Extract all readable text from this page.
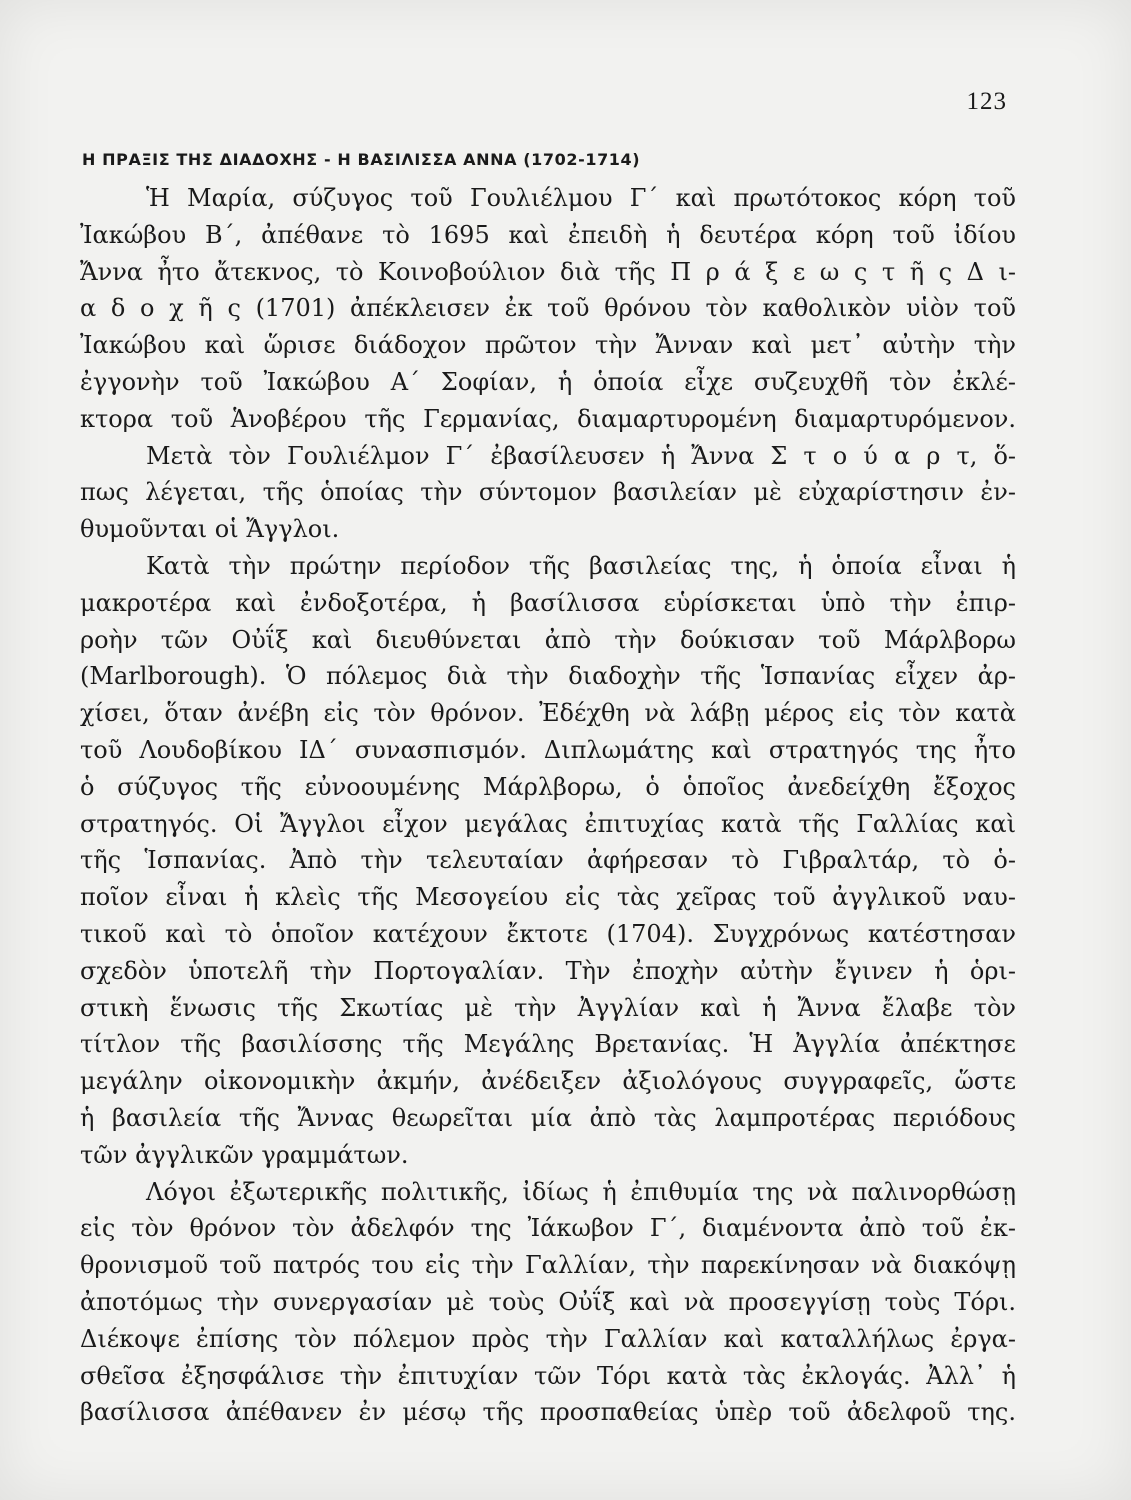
123
Η ΠΡΑΞΙΣ ΤΗΣ ΔΙΑΔΟΧΗΣ - Η ΒΑΣΙΛΙΣΣΑ ΑΝΝΑ (1702-1714)

Ἡ Μαρία, σύζυγος τοῦ Γουλιέλμου Γ΄ καὶ πρωτότοκος κόρη τοῦ
Ἰακώβου Β΄, ἀπέθανε τὸ 1695 καὶ ἐπειδὴ ἡ δευτέρα κόρη τοῦ ἰδίου
Ἄννα ἦτο ἄτεκνος, τὸ Κοινοβούλιον διὰ τῆς Π ρ ά ξ ε ω ς τ ῆ ς Δ ι-
α δ ο χ ῆ ς (1701) ἀπέκλεισεν ἐκ τοῦ θρόνου τὸν καθολικὸν υἱὸν τοῦ
Ἰακώβου καὶ ὥρισε διάδοχον πρῶτον τὴν Ἄνναν καὶ μετ᾽ αὐτὴν τὴν
ἐγγονὴν τοῦ Ἰακώβου Α΄ Σοφίαν, ἡ ὁποία εἶχε συζευχθῆ τὸν ἐκλέ-
κτορα τοῦ Ἁνοβέρου τῆς Γερμανίας, διαμαρτυρομένη διαμαρτυρόμενον.

Μετὰ τὸν Γουλιέλμον Γ΄ ἐβασίλευσεν ἡ Ἄννα Σ τ ο ύ α ρ τ, ὅ-
πως λέγεται, τῆς ὁποίας τὴν σύντομον βασιλείαν μὲ εὐχαρίστησιν ἐν-
θυμοῦνται οἱ Ἄγγλοι.

Κατὰ τὴν πρώτην περίοδον τῆς βασιλείας της, ἡ ὁποία εἶναι ἡ
μακροτέρα καὶ ἐνδοξοτέρα, ἡ βασίλισσα εὑρίσκεται ὑπὸ τὴν ἐπιρ-
ροὴν τῶν Οὐΐξ καὶ διευθύνεται ἀπὸ τὴν δούκισαν τοῦ Μάρλβορω
(Marlborough). Ὁ πόλεμος διὰ τὴν διαδοχὴν τῆς Ἱσπανίας εἶχεν ἀρ-
χίσει, ὅταν ἀνέβη εἰς τὸν θρόνον. Ἐδέχθη νὰ λάβῃ μέρος εἰς τὸν κατὰ
τοῦ Λουδοβίκου ΙΔ΄ συνασπισμόν. Διπλωμάτης καὶ στρατηγός της ἦτο
ὁ σύζυγος τῆς εὐνοουμένης Μάρλβορω, ὁ ὁποῖος ἀνεδείχθη ἔξοχος
στρατηγός. Οἱ Ἄγγλοι εἶχον μεγάλας ἐπιτυχίας κατὰ τῆς Γαλλίας καὶ
τῆς Ἱσπανίας. Ἀπὸ τὴν τελευταίαν ἀφήρεσαν τὸ Γιβραλτάρ, τὸ ὁ-
ποῖον εἶναι ἡ κλεὶς τῆς Μεσογείου εἰς τὰς χεῖρας τοῦ ἀγγλικοῦ ναυ-
τικοῦ καὶ τὸ ὁποῖον κατέχουν ἔκτοτε (1704). Συγχρόνως κατέστησαν
σχεδὸν ὑποτελῆ τὴν Πορτογαλίαν. Τὴν ἐποχὴν αὐτὴν ἔγινεν ἡ ὁρι-
στικὴ ἕνωσις τῆς Σκωτίας μὲ τὴν Ἀγγλίαν καὶ ἡ Ἄννα ἔλαβε τὸν
τίτλον τῆς βασιλίσσης τῆς Μεγάλης Βρετανίας. Ἡ Ἀγγλία ἀπέκτησε
μεγάλην οἰκονομικὴν ἀκμήν, ἀνέδειξεν ἀξιολόγους συγγραφεῖς, ὥστε
ἡ βασιλεία τῆς Ἄννας θεωρεῖται μία ἀπὸ τὰς λαμπροτέρας περιόδους
τῶν ἀγγλικῶν γραμμάτων.

Λόγοι ἐξωτερικῆς πολιτικῆς, ἰδίως ἡ ἐπιθυμία της νὰ παλινορθώσῃ
εἰς τὸν θρόνον τὸν ἀδελφόν της Ἰάκωβον Γ΄, διαμένοντα ἀπὸ τοῦ ἐκ-
θρονισμοῦ τοῦ πατρός του εἰς τὴν Γαλλίαν, τὴν παρεκίνησαν νὰ διακόψῃ
ἀποτόμως τὴν συνεργασίαν μὲ τοὺς Οὐΐξ καὶ νὰ προσεγγίσῃ τοὺς Τόρι.
Διέκοψε ἐπίσης τὸν πόλεμον πρὸς τὴν Γαλλίαν καὶ καταλλήλως ἐργα-
σθεῖσα ἐξησφάλισε τὴν ἐπιτυχίαν τῶν Τόρι κατὰ τὰς ἐκλογάς. Ἀλλ᾽ ἡ
βασίλισσα ἀπέθανεν ἐν μέσῳ τῆς προσπαθείας ὑπὲρ τοῦ ἀδελφοῦ της.
